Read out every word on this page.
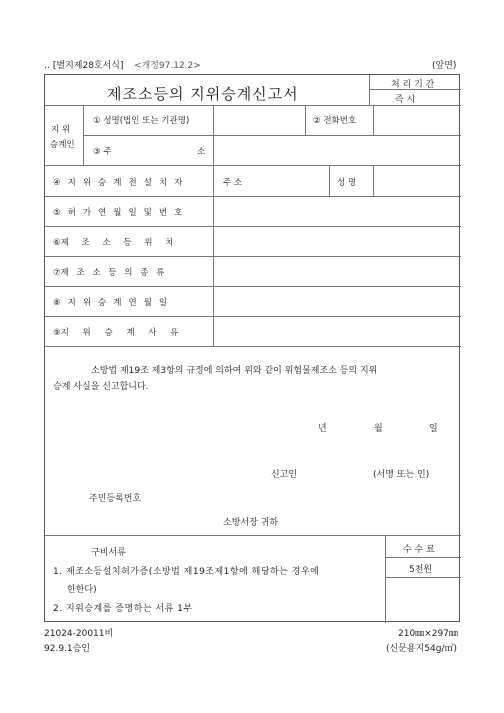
‥ [별지제28호서식] <개정97.12.2>	(앞면)
제조소등의 지위승계신고서	처 리 기 간
즉 시
지 위
승계인
① 성명(법인 또는 기관명)	② 전화번호
③ 주	소
④지위승계전설치자	주 소	성 명
⑤허가연월일및번호
⑥제 조 소 등 위 치
⑦제 조 소 등 의 종 류
⑧지위승계연월일
⑨지 위 승 계 사 유
소방법 제19조 제3항의 규정에 의하여 위와 같이 위험물제조소 등의 지위
승계 사실을 신고합니다.
년	월	일
신고인	(서명 또는 인)
주민등록번호
소방서장 귀하
구비서류
1. 제조소등설치허가증(소방법 제19조제1항에 해당하는 경우에
한한다)
2. 지위승계를 증명하는 서류 1부
수 수 료
5천원
21024-20011비
92.9.1승인
210㎜×297㎜
(신문용지54g/㎡)
